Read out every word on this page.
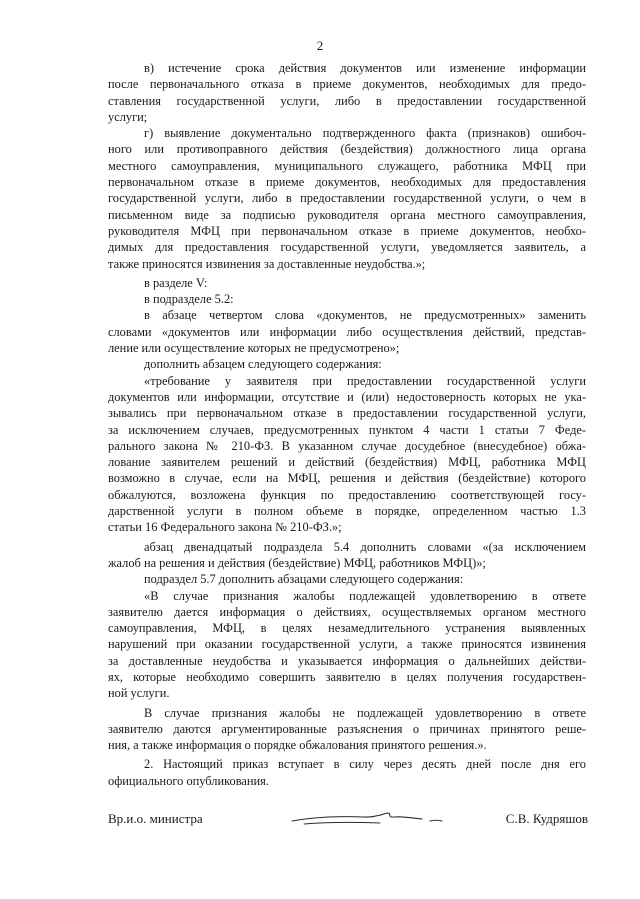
2
в) истечение срока действия документов или изменение информации
после первоначального отказа в приеме документов, необходимых для предо-
ставления государственной услуги, либо в предоставлении государственной
услуги;
г) выявление документально подтвержденного факта (признаков) ошибоч-
ного или противоправного действия (бездействия) должностного лица органа
местного самоуправления, муниципального служащего, работника МФЦ при
первоначальном отказе в приеме документов, необходимых для предоставления
государственной услуги, либо в предоставлении государственной услуги, о чем в
письменном виде за подписью руководителя органа местного самоуправления,
руководителя МФЦ при первоначальном отказе в приеме документов, необхо-
димых для предоставления государственной услуги, уведомляется заявитель, а
также приносятся извинения за доставленные неудобства.»;
в разделе V:
в подразделе 5.2:
в абзаце четвертом слова «документов, не предусмотренных» заменить
словами «документов или информации либо осуществления действий, представ-
ление или осуществление которых не предусмотрено»;
дополнить абзацем следующего содержания:
«требование у заявителя при предоставлении государственной услуги
документов или информации, отсутствие и (или) недостоверность которых не ука-
зывались при первоначальном отказе в предоставлении государственной услуги,
за исключением случаев, предусмотренных пунктом 4 части 1 статьи 7 Феде-
рального закона № 210-ФЗ. В указанном случае досудебное (внесудебное) обжа-
лование заявителем решений и действий (бездействия) МФЦ, работника МФЦ
возможно в случае, если на МФЦ, решения и действия (бездействие) которого
обжалуются, возложена функция по предоставлению соответствующей госу-
дарственной услуги в полном объеме в порядке, определенном частью 1.3
статьи 16 Федерального закона № 210-ФЗ.»;
абзац двенадцатый подраздела 5.4 дополнить словами «(за исключением
жалоб на решения и действия (бездействие) МФЦ, работников МФЦ)»;
подраздел 5.7 дополнить абзацами следующего содержания:
«В случае признания жалобы подлежащей удовлетворению в ответе
заявителю дается информация о действиях, осуществляемых органом местного
самоуправления, МФЦ, в целях незамедлительного устранения выявленных
нарушений при оказании государственной услуги, а также приносятся извинения
за доставленные неудобства и указывается информация о дальнейших действи-
ях, которые необходимо совершить заявителю в целях получения государствен-
ной услуги.
В случае признания жалобы не подлежащей удовлетворению в ответе
заявителю даются аргументированные разъяснения о причинах принятого реше-
ния, а также информация о порядке обжалования принятого решения.».
2. Настоящий приказ вступает в силу через десять дней после дня его
официального опубликования.
Вр.и.о. министра	С.В. Кудряшов
